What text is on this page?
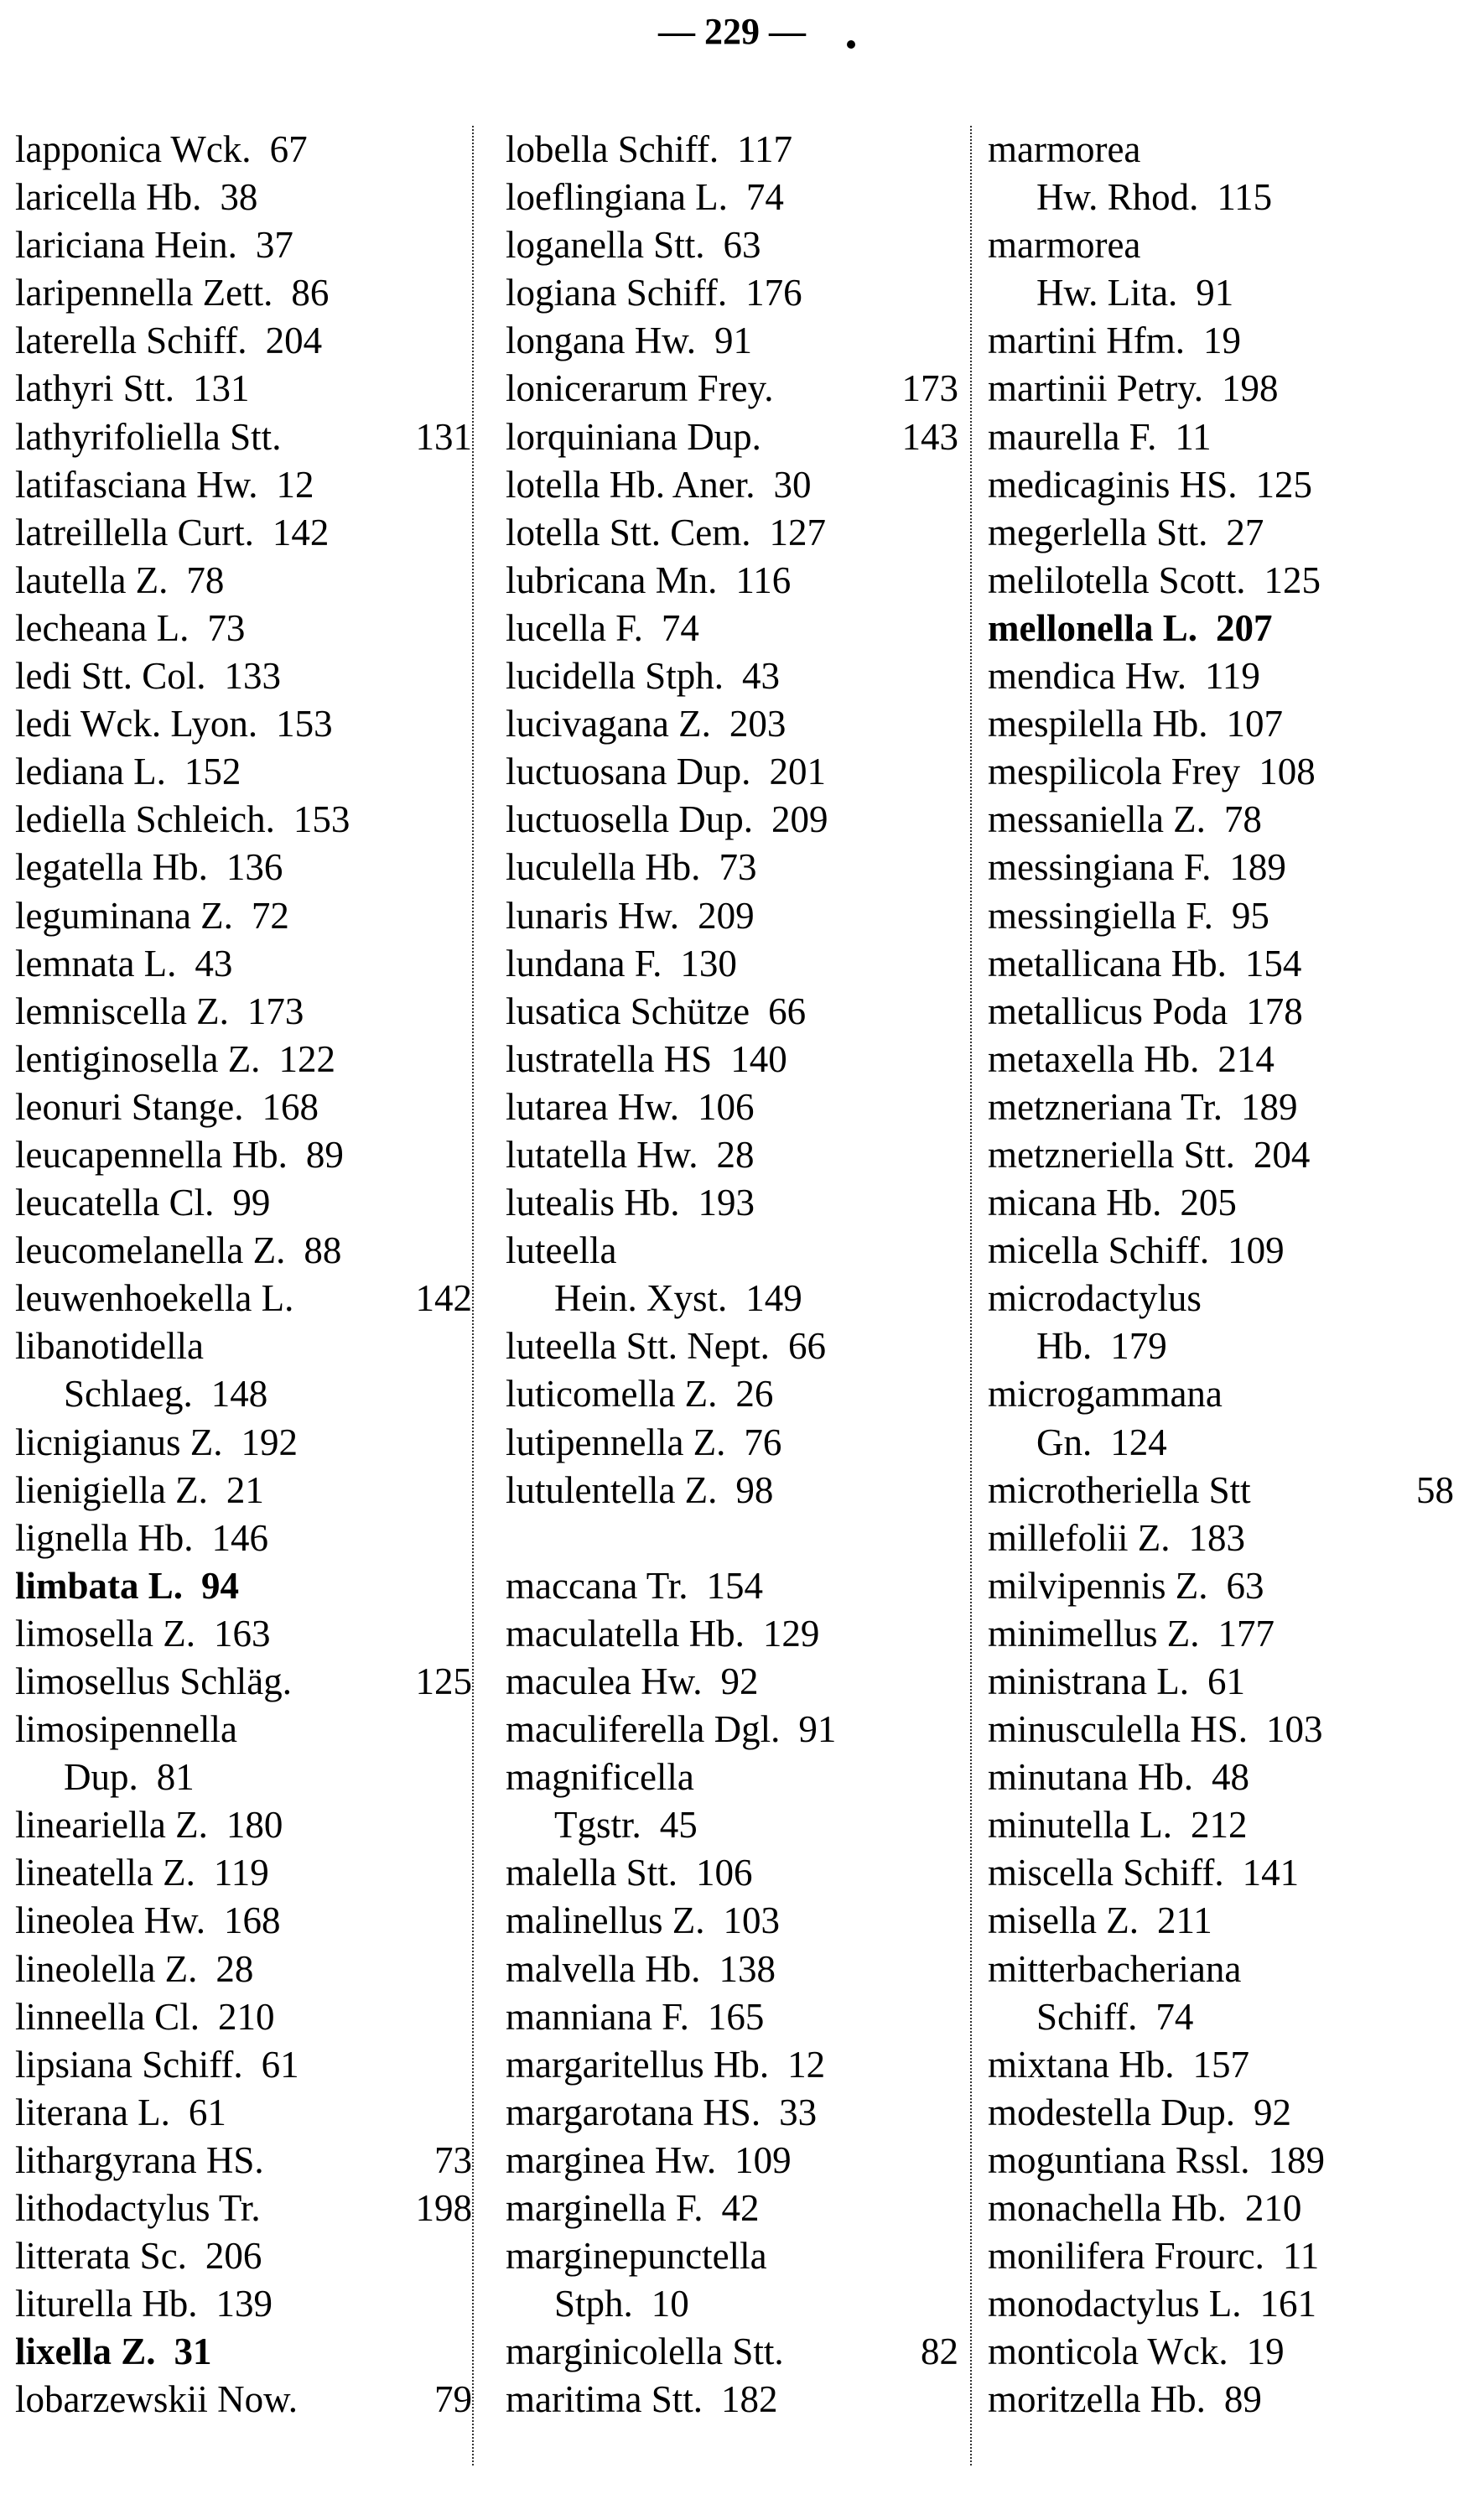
— 229 —
lapponica Wck. 67
laricella Hb. 38
lariciana Hein. 37
laripennella Zett. 86
laterella Schiff. 204
lathyri Stt. 131
lathyrifoliella Stt.	131
latifasciana Hw. 12
latreillella Curt. 142
lautella Z. 78
lecheana L. 73
ledi Stt. Col. 133
ledi Wck. Lyon. 153
lediana L. 152
lediella Schleich. 153
legatella Hb. 136
leguminana Z. 72
lemnata L. 43
lemniscella Z. 173
lentiginosella Z. 122
leonuri Stange. 168
leucapennella Hb. 89
leucatella Cl. 99
leucomelanella Z. 88
leuwenhoekella L.	142
libanotidella
Schlaeg. 148
licnigianus Z. 192
lienigiella Z. 21
lignella Hb. 146
limbata L. 94
limosella Z. 163
limosellus Schläg.	125
limosipennella
Dup. 81
lineariella Z. 180
lineatella Z. 119
lineolea Hw. 168
lineolella Z. 28
linneella Cl. 210
lipsiana Schiff. 61
literana L. 61
lithargyrana HS.	73
lithodactylus Tr.	198
litterata Sc. 206
liturella Hb. 139
lixella Z. 31
lobarzewskii Now.	79
lobella Schiff. 117
loeflingiana L. 74
loganella Stt. 63
logiana Schiff. 176
longana Hw. 91
lonicerarum Frey.	173
lorquiniana Dup.	143
lotella Hb. Aner. 30
lotella Stt. Cem. 127
lubricana Mn. 116
lucella F. 74
lucidella Stph. 43
lucivagana Z. 203
luctuosana Dup. 201
luctuosella Dup. 209
luculella Hb. 73
lunaris Hw. 209
lundana F. 130
lusatica Schütze 66
lustratella HS 140
lutarea Hw. 106
lutatella Hw. 28
lutealis Hb. 193
luteella
Hein. Xyst. 149
luteella Stt. Nept. 66
luticomella Z. 26
lutipennella Z. 76
lutulentella Z. 98
maccana Tr. 154
maculatella Hb. 129
maculea Hw. 92
maculiferella Dgl. 91
magnificella
Tgstr. 45
malella Stt. 106
malinellus Z. 103
malvella Hb. 138
manniana F. 165
margaritellus Hb. 12
margarotana HS. 33
marginea Hw. 109
marginella F. 42
marginepunctella
Stph. 10
marginicolella Stt.	82
maritima Stt. 182
marmorea
Hw. Rhod. 115
marmorea
Hw. Lita. 91
martini Hfm. 19
martinii Petry. 198
maurella F. 11
medicaginis HS. 125
megerlella Stt. 27
melilotella Scott. 125
mellonella L. 207
mendica Hw. 119
mespilella Hb. 107
mespilicola Frey 108
messaniella Z. 78
messingiana F. 189
messingiella F. 95
metallicana Hb. 154
metallicus Poda 178
metaxella Hb. 214
metzneriana Tr. 189
metzneriella Stt. 204
micana Hb. 205
micella Schiff. 109
microdactylus
Hb. 179
microgammana
Gn. 124
microtheriella Stt	58
millefolii Z. 183
milvipennis Z. 63
minimellus Z. 177
ministrana L. 61
minusculella HS. 103
minutana Hb. 48
minutella L. 212
miscella Schiff. 141
misella Z. 211
mitterbacheriana
Schiff. 74
mixtana Hb. 157
modestella Dup. 92
moguntiana Rssl. 189
monachella Hb. 210
monilifera Frourc. 11
monodactylus L. 161
monticola Wck. 19
moritzella Hb. 89
